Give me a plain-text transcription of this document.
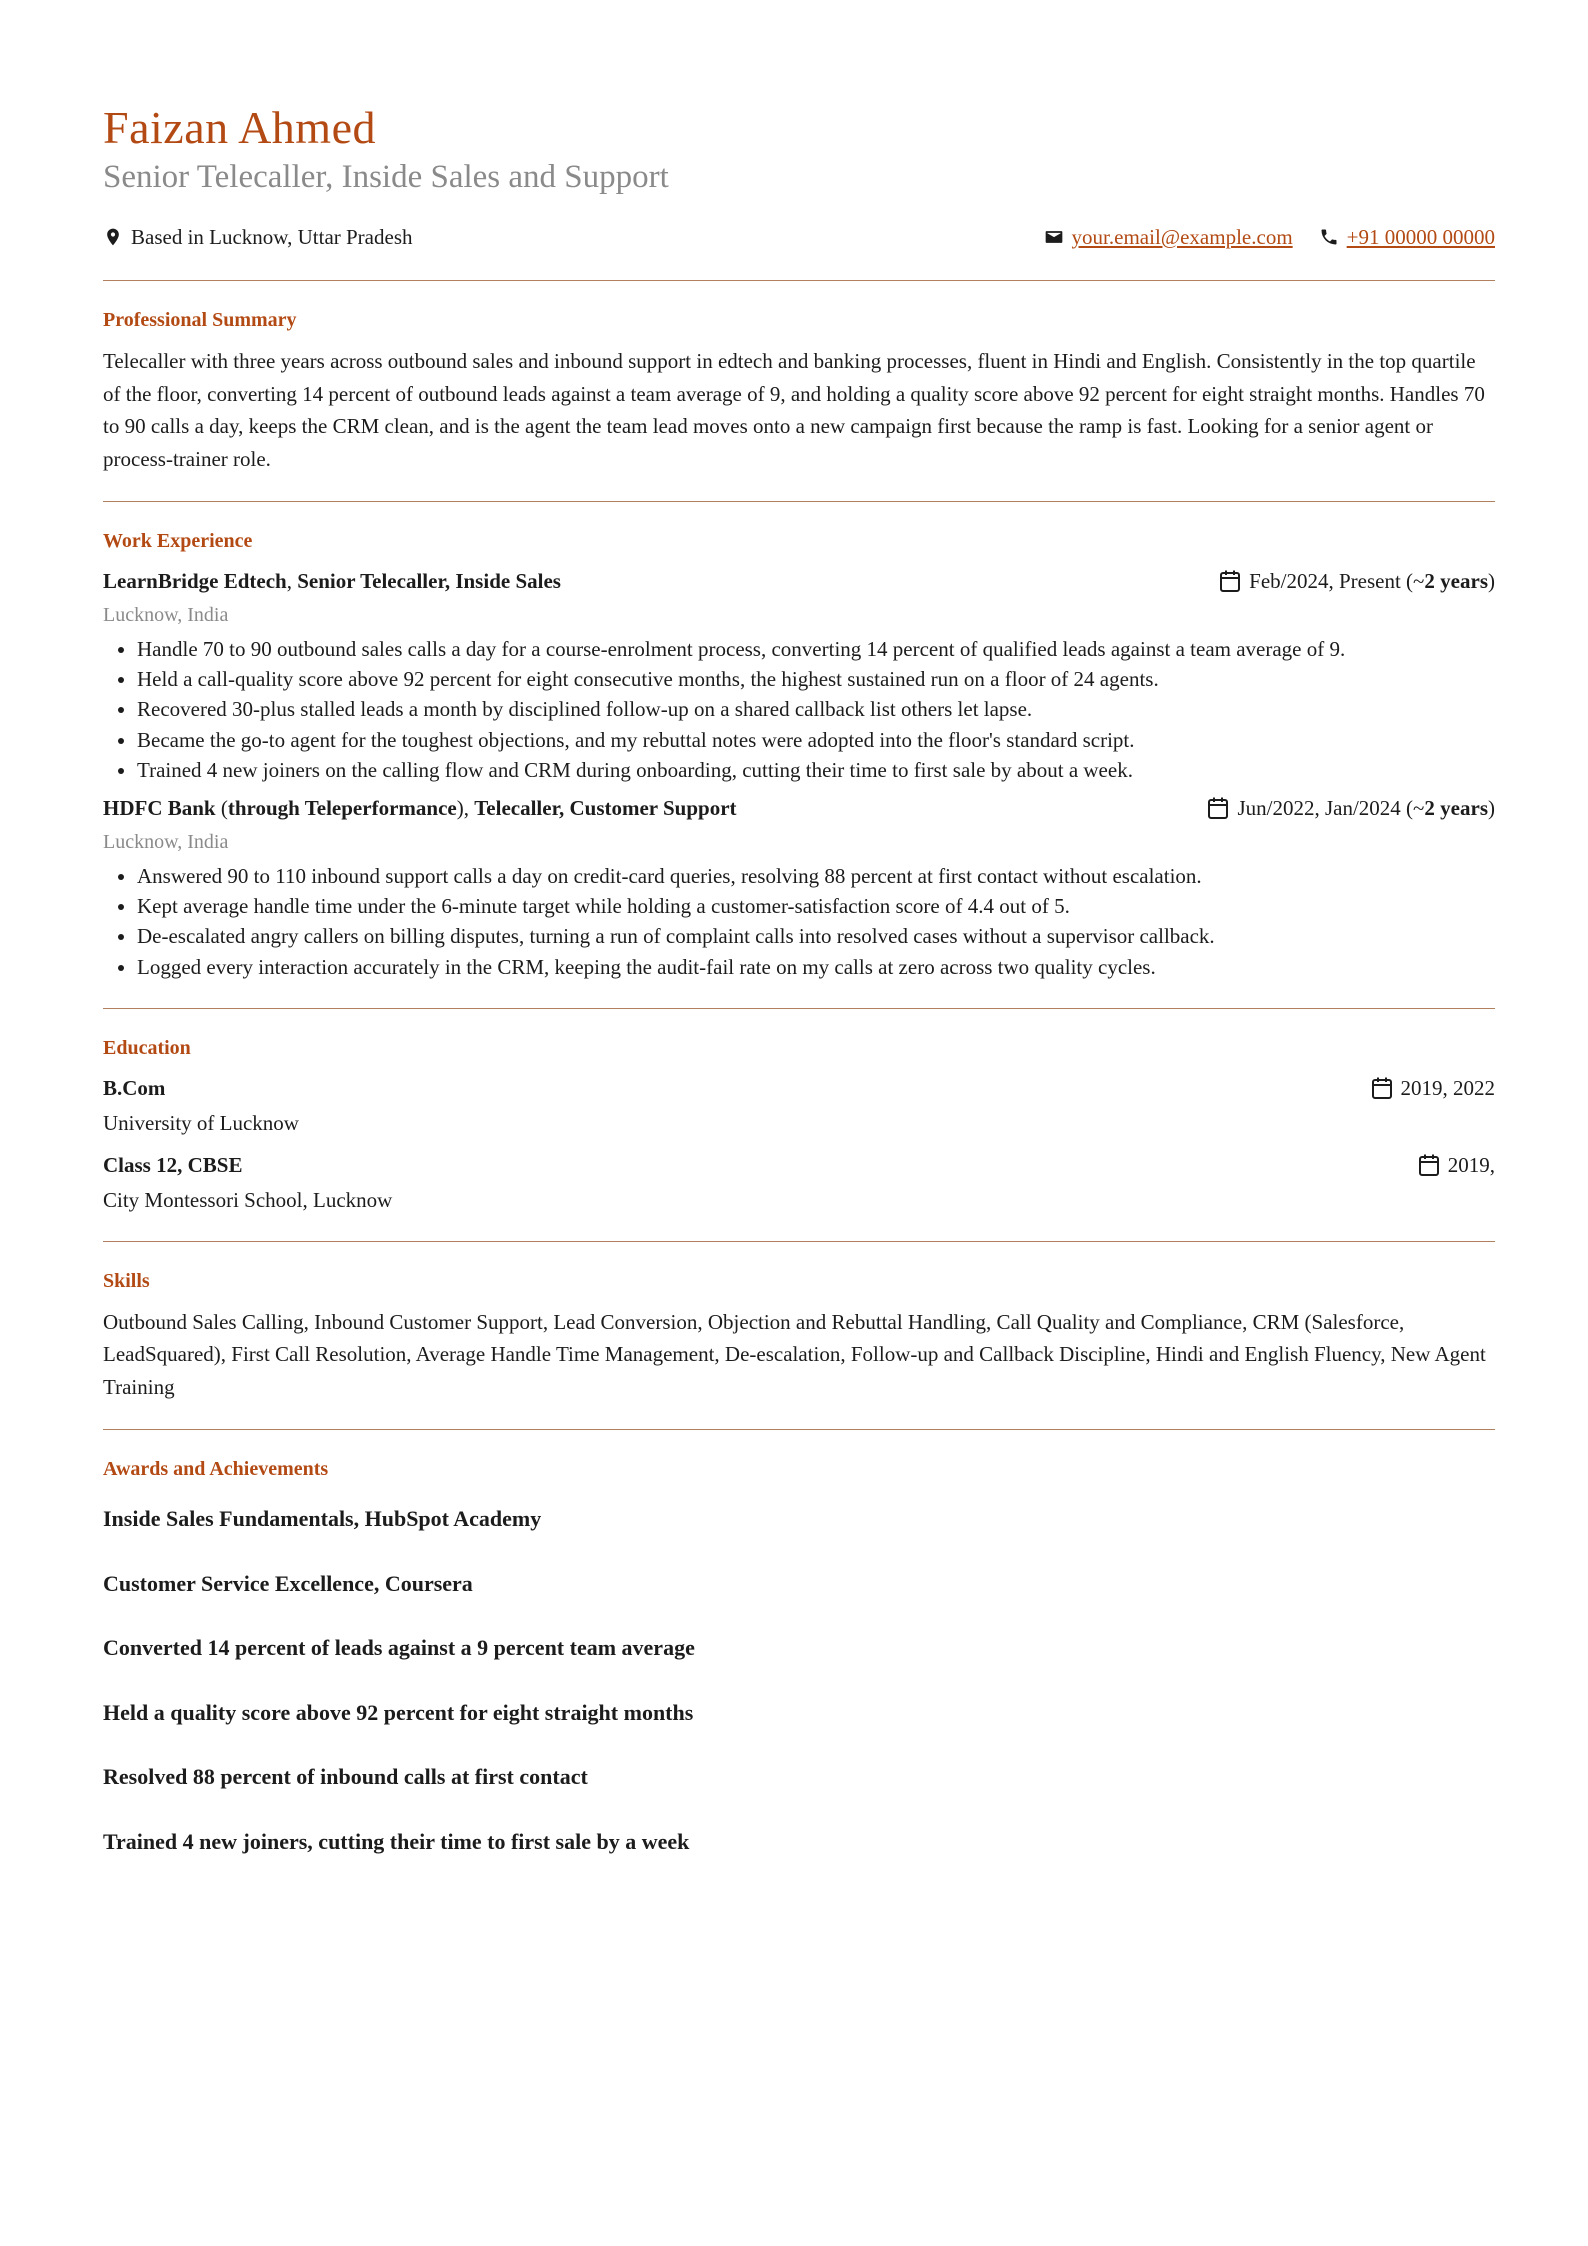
Faizan Ahmed
Senior Telecaller, Inside Sales and Support
Based in Lucknow, Uttar Pradesh	your.email@example.com	+91 00000 00000
Professional Summary

Telecaller with three years across outbound sales and inbound support in edtech and banking processes, fluent in Hindi and English. Consistently in the top quartile of the floor, converting 14 percent of outbound leads against a team average of 9, and holding a quality score above 92 percent for eight straight months. Handles 70 to 90 calls a day, keeps the CRM clean, and is the agent the team lead moves onto a new campaign first because the ramp is fast. Looking for a senior agent or process-trainer role.

Work Experience
LearnBridge Edtech, Senior Telecaller, Inside Sales	Feb/2024, Present (~ 2 years )
Lucknow, India
• Handle 70 to 90 outbound sales calls a day for a course-enrolment process, converting 14 percent of qualified leads against a team average of 9.
• Held a call-quality score above 92 percent for eight consecutive months, the highest sustained run on a floor of 24 agents.
• Recovered 30-plus stalled leads a month by disciplined follow-up on a shared callback list others let lapse.
• Became the go-to agent for the toughest objections, and my rebuttal notes were adopted into the floor's standard script.
• Trained 4 new joiners on the calling flow and CRM during onboarding, cutting their time to first sale by about a week.
HDFC Bank (through Teleperformance), Telecaller, Customer Support	Jun/2022, Jan/2024 (~ 2 years )
Lucknow, India
• Answered 90 to 110 inbound support calls a day on credit-card queries, resolving 88 percent at first contact without escalation.
• Kept average handle time under the 6-minute target while holding a customer-satisfaction score of 4.4 out of 5.
• De-escalated angry callers on billing disputes, turning a run of complaint calls into resolved cases without a supervisor callback.
• Logged every interaction accurately in the CRM, keeping the audit-fail rate on my calls at zero across two quality cycles.
Education
B.Com	2019, 2022
University of Lucknow
Class 12, CBSE	2019,
City Montessori School, Lucknow
Skills

Outbound Sales Calling, Inbound Customer Support, Lead Conversion, Objection and Rebuttal Handling, Call Quality and Compliance, CRM (Salesforce, LeadSquared), First Call Resolution, Average Handle Time Management, De-escalation, Follow-up and Callback Discipline, Hindi and English Fluency, New Agent Training

Awards and Achievements
Inside Sales Fundamentals, HubSpot Academy
Customer Service Excellence, Coursera
Converted 14 percent of leads against a 9 percent team average
Held a quality score above 92 percent for eight straight months
Resolved 88 percent of inbound calls at first contact
Trained 4 new joiners, cutting their time to first sale by a week
